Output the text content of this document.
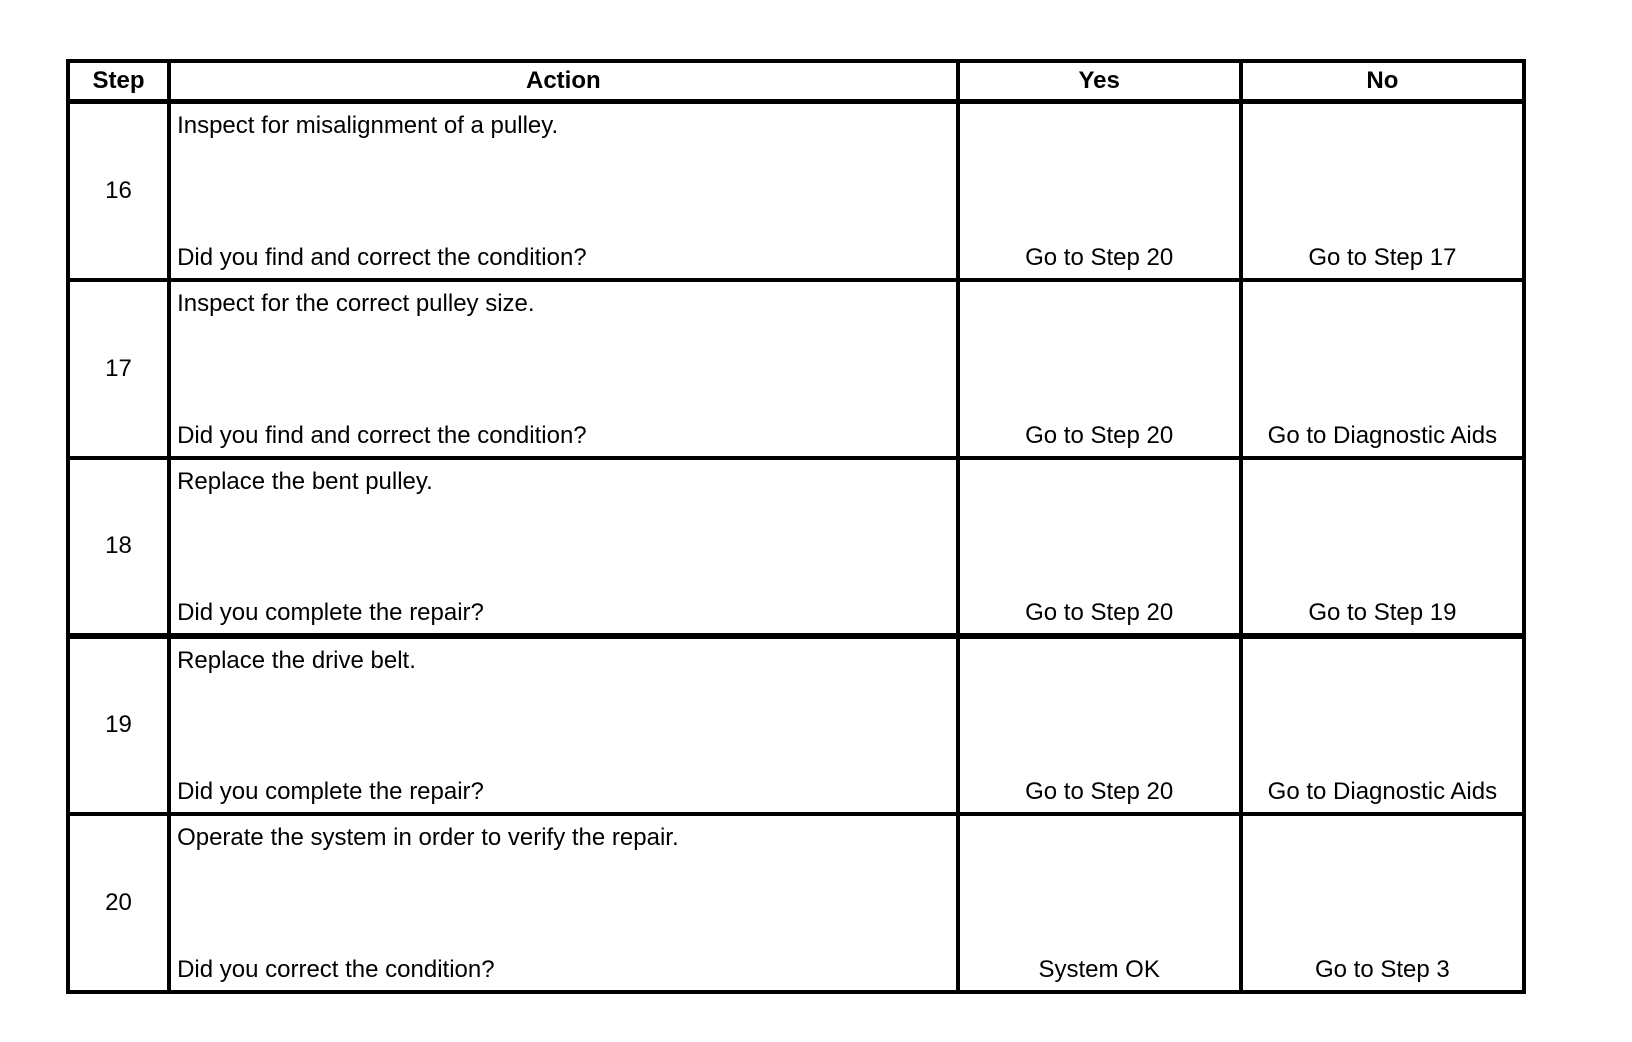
Step	Action	Yes	No
16	Inspect for misalignment of a pulley.
Did you find and correct the condition?	Go to Step 20	Go to Step 17

17	Inspect for the correct pulley size.
Did you find and correct the condition?	Go to Step 20	Go to Diagnostic Aids

18	Replace the bent pulley.
Did you complete the repair?	Go to Step 20	Go to Step 19

19	Replace the drive belt.
Did you complete the repair?	Go to Step 20	Go to Diagnostic Aids

20	Operate the system in order to verify the repair.
Did you correct the condition?	System OK	Go to Step 3
